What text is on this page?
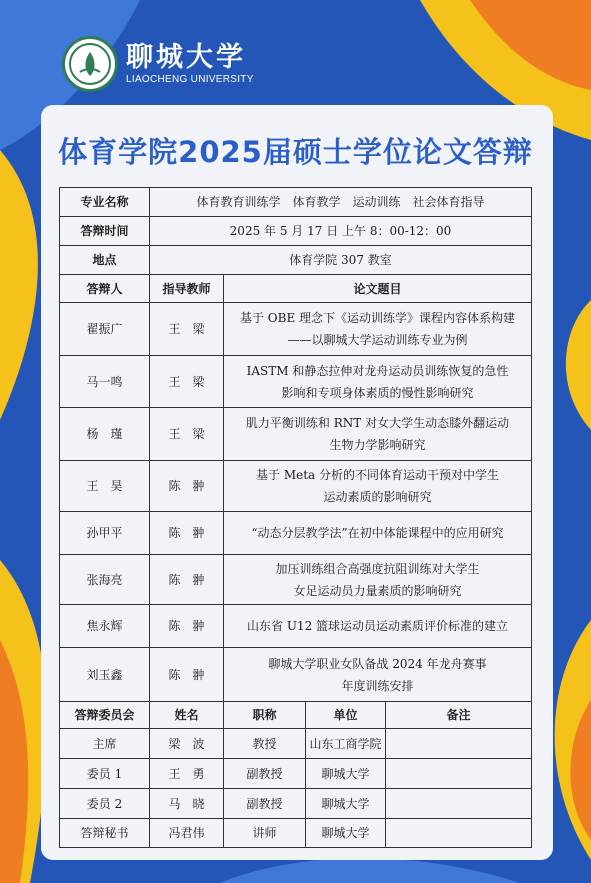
聊城大学
LIAOCHENG UNIVERSITY
体育学院2025届硕士学位论文答辩
专业名称	体育教育训练学　体育教学　运动训练　社会体育指导			
答辩时间	2025 年 5 月 17 日 上午 8：00-12：00			
地点	体育学院 307 教室			
答辩人	指导教师	论文题目		
翟振广	王　梁	基于 OBE 理念下《运动训练学》课程内容体系构建
——以聊城大学运动训练专业为例		

马一鸣	王　梁	IASTM 和静态拉伸对龙舟运动员训练恢复的急性
影响和专项身体素质的慢性影响研究		

杨　瑾	王　梁	肌力平衡训练和 RNT 对女大学生动态膝外翻运动
生物力学影响研究		

王　昊	陈　翀	基于 Meta 分析的不同体育运动干预对中学生
运动素质的影响研究		

孙甲平	陈　翀	“动态分层教学法”在初中体能课程中的应用研究		

张海亮	陈　翀	加压训练组合高强度抗阻训练对大学生
女足运动员力量素质的影响研究		

焦永辉	陈　翀	山东省 U12 篮球运动员运动素质评价标准的建立		

刘玉鑫	陈　翀	聊城大学职业女队备战 2024 年龙舟赛事
年度训练安排		

答辩委员会	姓名	职称	单位	备注
主席	梁　波	教授	山东工商学院	
委员 1	王　勇	副教授	聊城大学	
委员 2	马　晓	副教授	聊城大学	
答辩秘书	冯君伟	讲师	聊城大学	
